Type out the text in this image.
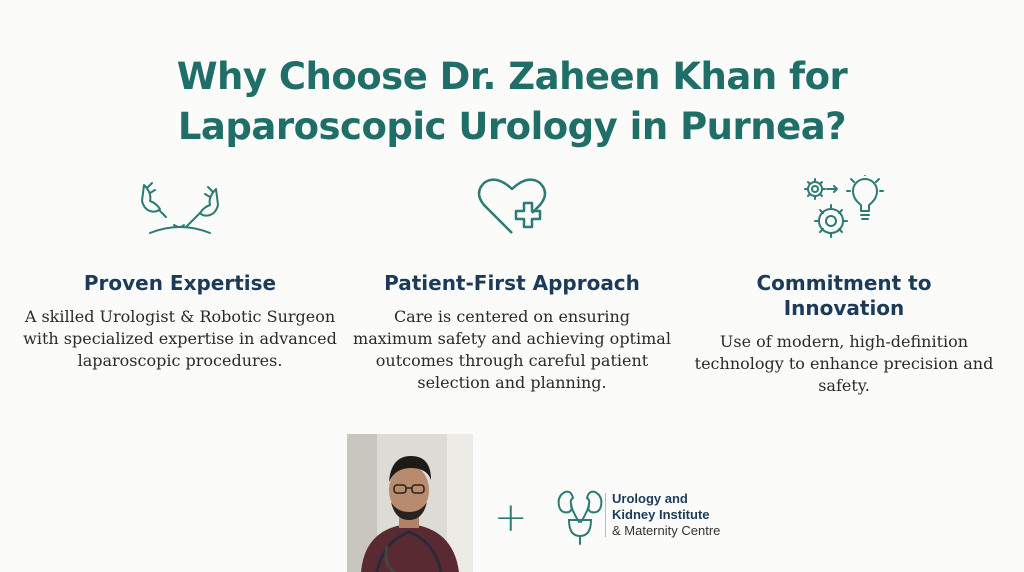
Why Choose Dr. Zaheen Khan for
Laparoscopic Urology in Purnea?
Proven Expertise

A skilled Urologist & Robotic Surgeon with specialized expertise in advanced laparoscopic procedures.

Patient-First Approach

Care is centered on ensuring maximum safety and achieving optimal outcomes through careful patient selection and planning.

Commitment to
Innovation

Use of modern, high-definition technology to enhance precision and safety.

+	Urology and
Kidney Institute
& Maternity Centre
